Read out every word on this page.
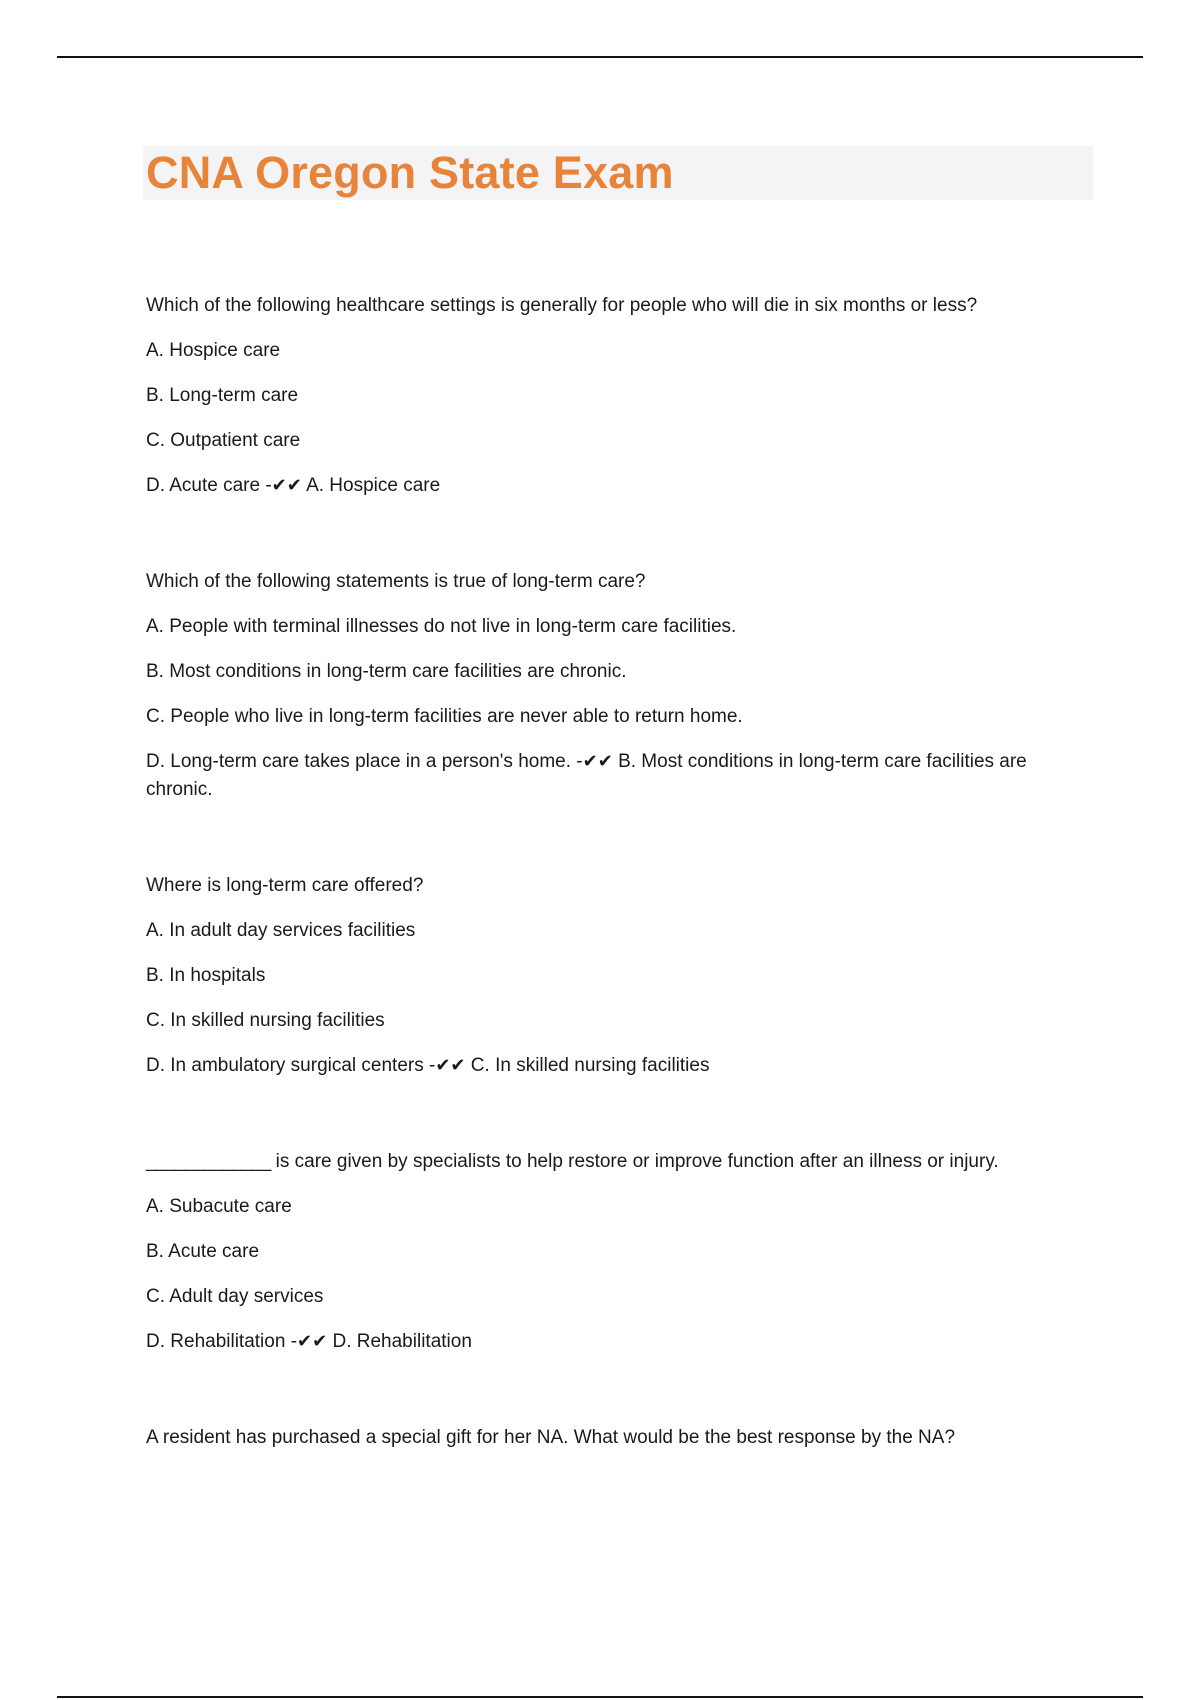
CNA Oregon State Exam

Which of the following healthcare settings is generally for people who will die in six months or less?

A. Hospice care

B. Long-term care

C. Outpatient care

D. Acute care -✔✔ A. Hospice care

Which of the following statements is true of long-term care?

A. People with terminal illnesses do not live in long-term care facilities.

B. Most conditions in long-term care facilities are chronic.

C. People who live in long-term facilities are never able to return home.

D. Long-term care takes place in a person's home. -✔✔ B. Most conditions in long-term care facilities are chronic.

Where is long-term care offered?

A. In adult day services facilities

B. In hospitals

C. In skilled nursing facilities

D. In ambulatory surgical centers -✔✔ C. In skilled nursing facilities

_____________ is care given by specialists to help restore or improve function after an illness or injury.

A. Subacute care

B. Acute care

C. Adult day services

D. Rehabilitation -✔✔ D. Rehabilitation

A resident has purchased a special gift for her NA. What would be the best response by the NA?
